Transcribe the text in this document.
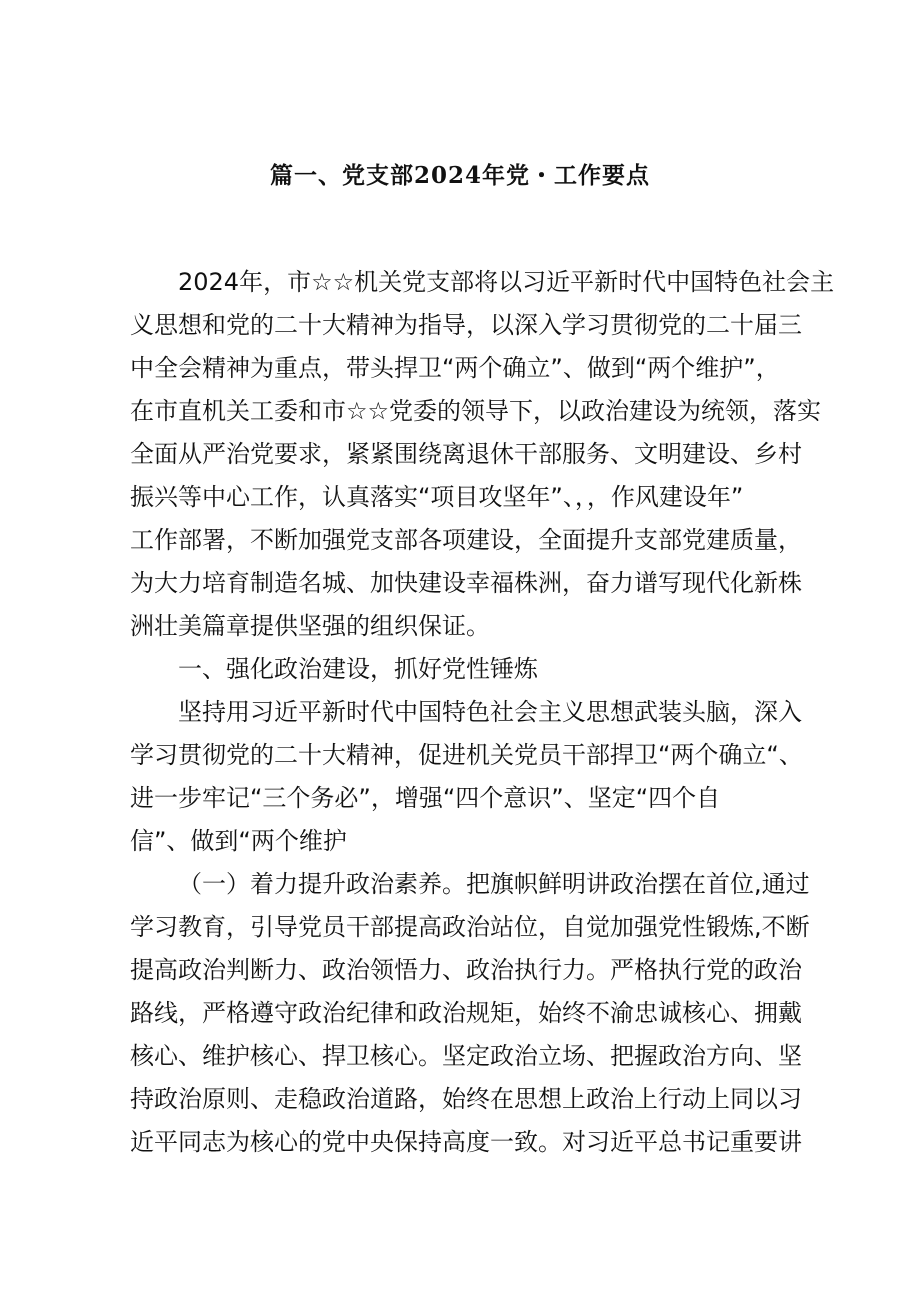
篇一、党支部2024年党・工作要点
2024年，市☆☆机关党支部将以习近平新时代中国特色社会主
义思想和党的二十大精神为指导，以深入学习贯彻党的二十届三
中全会精神为重点，带头捍卫“两个确立”、做到“两个维护”，
在市直机关工委和市☆☆党委的领导下，以政治建设为统领，落实
全面从严治党要求，紧紧围绕离退休干部服务、文明建设、乡村
振兴等中心工作，认真落实“项目攻坚年”、，，作风建设年”
工作部署，不断加强党支部各项建设，全面提升支部党建质量，
为大力培育制造名城、加快建设幸福株洲，奋力谱写现代化新株
洲壮美篇章提供坚强的组织保证。
一、强化政治建设，抓好党性锤炼
坚持用习近平新时代中国特色社会主义思想武装头脑，深入
学习贯彻党的二十大精神，促进机关党员干部捍卫“两个确立“、
进一步牢记“三个务必”，增强“四个意识”、坚定“四个自
信”、做到“两个维护
（一）着力提升政治素养。把旗帜鲜明讲政治摆在首位,通过
学习教育，引导党员干部提高政治站位，自觉加强党性锻炼,不断
提高政治判断力、政治领悟力、政治执行力。严格执行党的政治
路线，严格遵守政治纪律和政治规矩，始终不渝忠诚核心、拥戴
核心、维护核心、捍卫核心。坚定政治立场、把握政治方向、坚
持政治原则、走稳政治道路，始终在思想上政治上行动上同以习
近平同志为核心的党中央保持高度一致。对习近平总书记重要讲
